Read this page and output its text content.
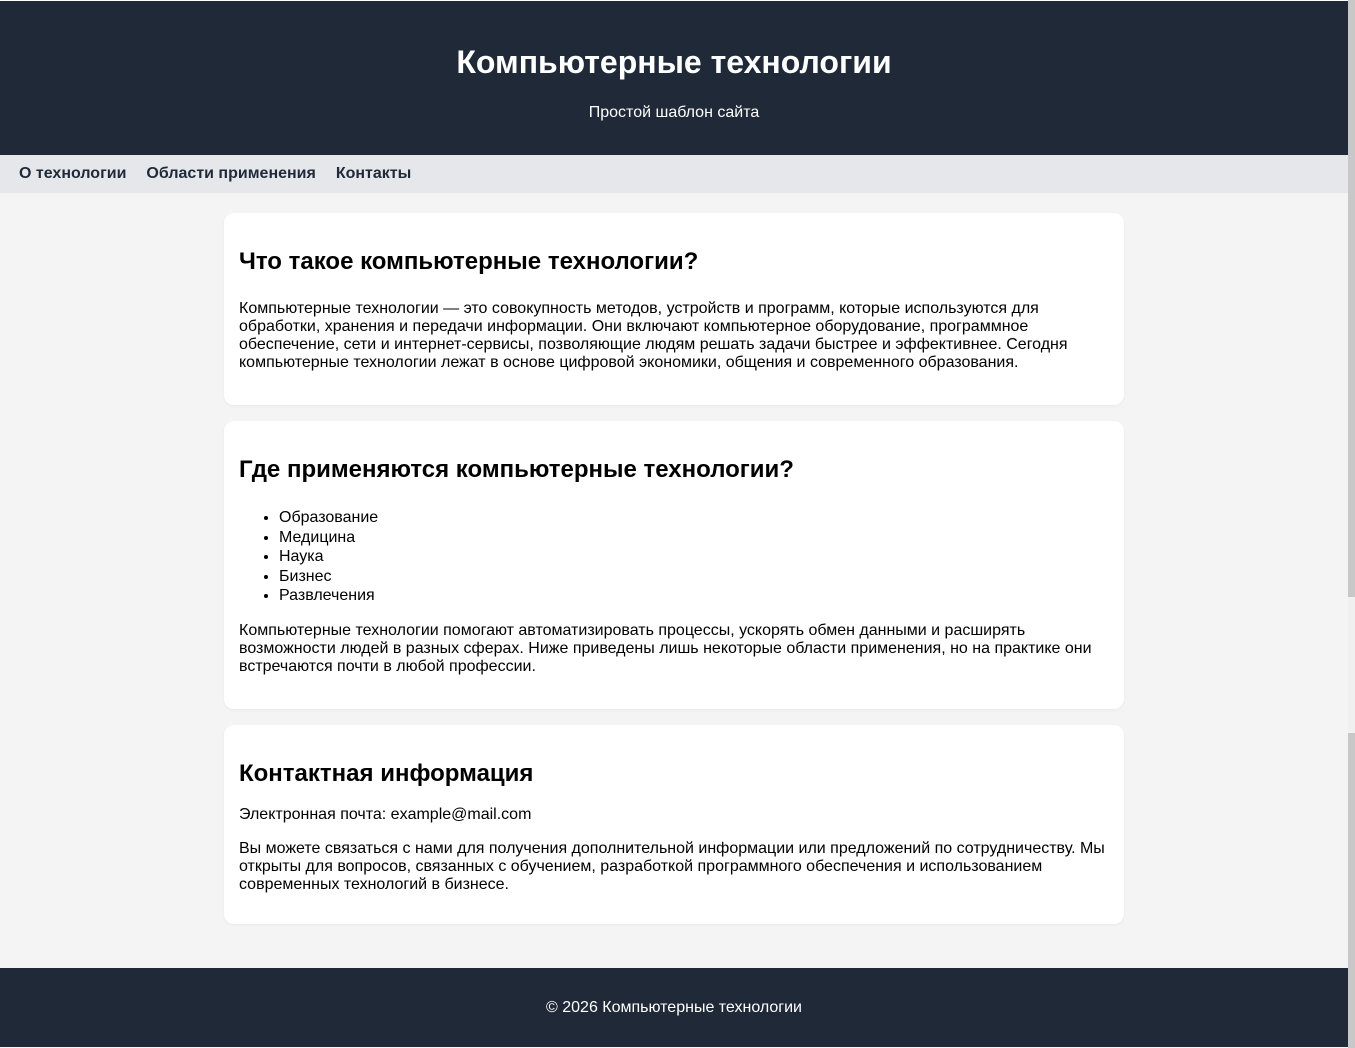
Компьютерные технологии

Простой шаблон сайта

О технологии Области применения Контакты
Что такое компьютерные технологии?

Компьютерные технологии — это совокупность методов, устройств и программ, которые используются для обработки, хранения и передачи информации. Они включают компьютерное оборудование, программное обеспечение, сети и интернет-сервисы, позволяющие людям решать задачи быстрее и эффективнее. Сегодня компьютерные технологии лежат в основе цифровой экономики, общения и современного образования.

Где применяются компьютерные технологии?
• Образование
• Медицина
• Наука
• Бизнес
• Развлечения

Компьютерные технологии помогают автоматизировать процессы, ускорять обмен данными и расширять возможности людей в разных сферах. Ниже приведены лишь некоторые области применения, но на практике они встречаются почти в любой профессии.

Контактная информация

Электронная почта: example@mail.com

Вы можете связаться с нами для получения дополнительной информации или предложений по сотрудничеству. Мы открыты для вопросов, связанных с обучением, разработкой программного обеспечения и использованием современных технологий в бизнесе.

© 2026 Компьютерные технологии
